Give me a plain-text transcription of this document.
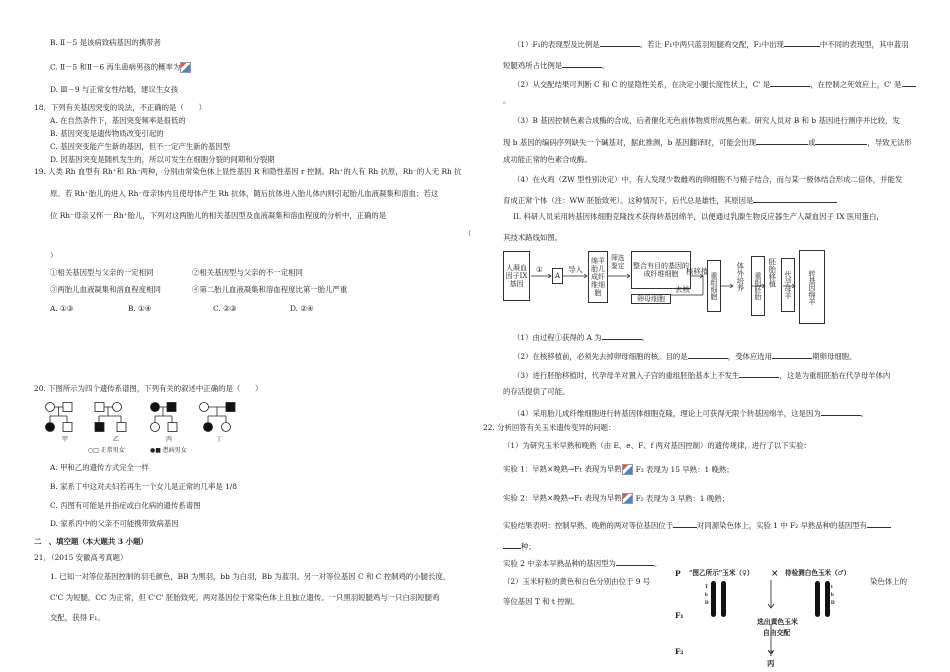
B. Ⅱ－5 是该病致病基因的携带者
C. Ⅱ－5 和Ⅱ－6 再生患病男孩的概率为
D. Ⅲ－9 与正常女性结婚，建议生女孩
18．下列有关基因突变的说法，不正确的是（　　）
A. 在自然条件下，基因突变频率是很低的
B. 基因突变是遗传物质改变引起的
C. 基因突变能产生新的基因，但不一定产生新的基因型
D. 因基因突变是随机发生的，所以可发生在细胞分裂的间期和分裂期
19. 人类 Rh 血型有 Rh⁺和 Rh⁻两种，分别由常染色体上显性基因 R 和隐性基因 r 控制。Rh⁺的人有 Rh 抗原，Rh⁻的人无 Rh 抗
原。若 Rh⁺胎儿的进入 Rh⁻母亲体内且使母体产生 Rh 抗体，随后抗体进入胎儿体内则引起胎儿血液凝集和溶血；若这
位 Rh⁻母亲又怀一 Rh⁺胎儿，下列对这两胎儿的相关基因型及血液凝集和溶血程度的分析中，正确的是
（
）
①相关基因型与父亲的一定相同	②相关基因型与父亲的不一定相同
③两胎儿血液凝集和溶血程度相同	④第二胎儿血液凝集和溶血程度比第一胎儿严重
A. ①③	B. ①④	C. ②③	D. ②④
20. 下图所示为四个遗传系谱图，下列有关的叙述中正确的是（　　）
甲	乙	丙	丁
○□ 正常男女	●■ 患病男女
A. 甲和乙的遗传方式完全一样
B. 家系丁中这对夫妇若再生一个女儿是正常的几率是 1/8
C. 丙图有可能是并指症或白化病的遗传系谱图
D. 家系丙中的父亲不可能携带致病基因
二　、填空题（本大题共 3 小题）
21．（2015 安徽高考真题）
1. 已知一对等位基因控制的羽毛颜色，BB 为黑羽，bb 为白羽，Bb 为蓝羽。另一对等位基因 C 和 C 控制鸡的小腿长度，
C'C 为短腿，CC 为正常，但 C'C' 胚胎致死。两对基因位于常染色体上且独立遗传。一只黑羽短腿鸡与一只白羽短腿鸡
交配，获得 F₁。
（1）F₁的表现型及比例是	。若让 F₁中两只蓝羽短腿鸡交配，F₂中出现	中不同的表现型，其中蓝羽
短腿鸡所占比例是	。
（2）从交配结果可判断 C 和 C 的显隐性关系，在决定小腿长度性状上，C' 是	，在控制之死效应上，C' 是
。
（3）B 基因控制色素合成酶的合成，后者催化无色前体物质形成黑色素。研究人员对 B 和 b 基因进行测序并比较，发
现 b 基因的编码序列缺失一个碱基对，据此推测，b 基因翻译时，可能会出现	或	，导致无法形
成功能正常的色素合成酶。
（4）在火鸡（ZW 型性别决定）中，有人发现少数雌鸡的卵细胞不与精子结合，而与某一极体结合形成二倍体，并能发
育成正常个体（注：WW 胚胎致死）。这种情况下，后代总是雄性，其原因是
II. 科研人员采用转基因体细胞克隆技术获得转基因绵羊，以便通过乳腺生物反应器生产人凝血因子 IX 医用蛋白，
其技术路线如图。
人凝血因子IX基因
①
A
导入
绵羊胎儿成纤维细胞
筛选鉴定	整合有目的基因的成纤维细胞
卵母细胞
去核
核移植
重组细胞	体外培养	重组胚胎 胚胎移植	代孕母羊	转基因绵羊
（1）由过程①获得的 A 为	。
（2）在核移植前，必须先去掉卵母细胞的核。目的是	，受体应选用	期卵母细胞。
（3）进行胚胎移植时，代孕母羊对置入子宫的重组胚胎基本上不发生	，这是为重组胚胎在代孕母羊体内
的存活提供了可能。
（4）采用胎儿成纤维细胞进行转基因体细胞克隆，理论上可获得无限个转基因绵羊，这是因为	。
22. 分析回答有关玉米遗传变异的问题：
（1）为研究玉米早熟和晚熟（由 E、e、F、f 两对基因控制）的遗传规律，进行了以下实验：
实验 1：早熟×晚熟→F₁ 表现为早熟 F₂ 表现为 15 早熟：1 晚熟；
实验 2：早熟×晚熟→F₁ 表现为早熟 F₂ 表现为 3 早熟：1 晚熟；
实验结果表明：控制早熟、晚熟的两对等位基因位于	对同源染色体上，实验 1 中 F₂ 早熟品种的基因型有
种；
实验 2 中亲本早熟品种的基因型为	。
（2）玉米籽粒的黄色和白色分别由位于 9 号
等位基因 T 和 t 控制。
染色体上的
P "图乙所示"玉米（♀） × 待检测白色玉米（♂）
T
b
D
t
b
D
F₁
选出黄色玉米
自由交配
F₂	?
丙
